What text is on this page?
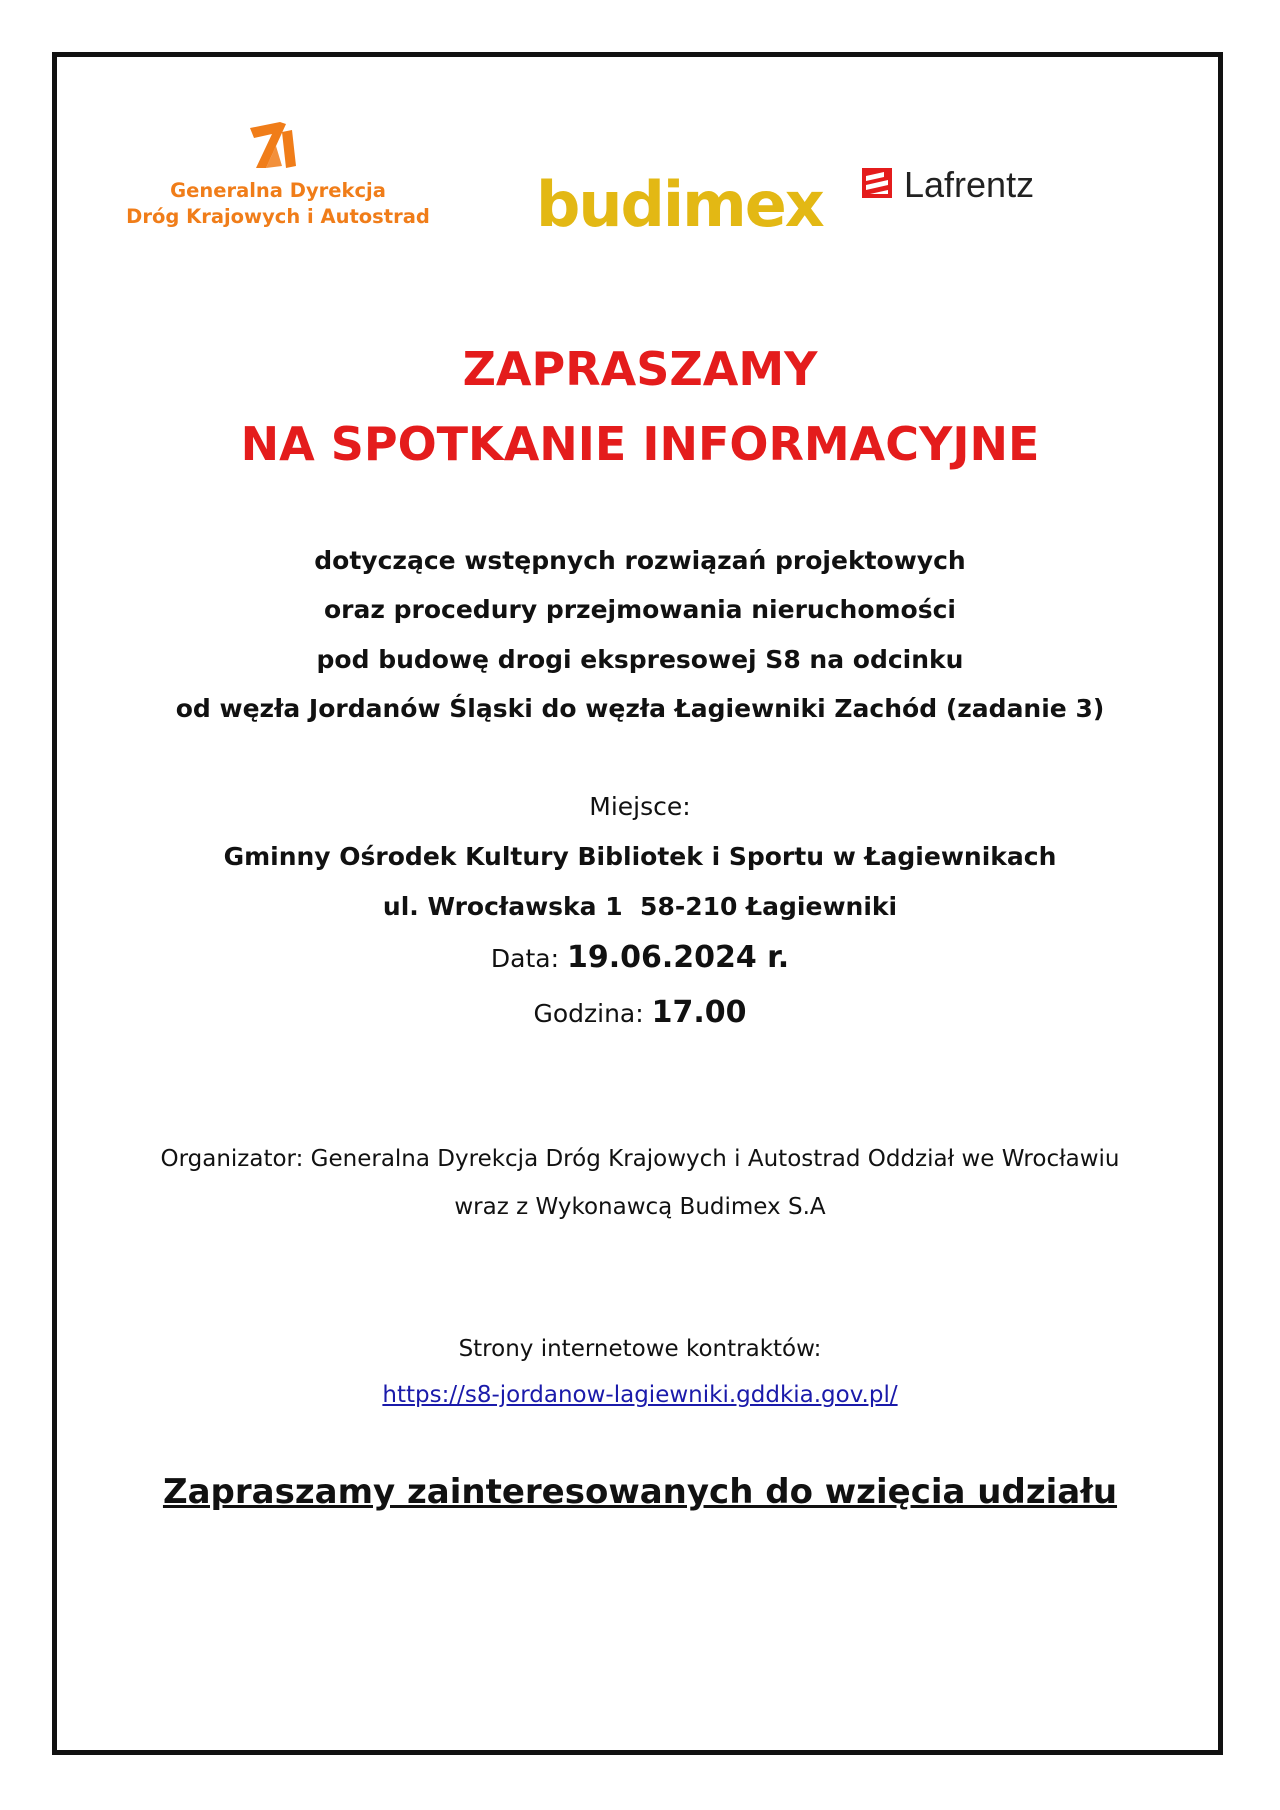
Generalna Dyrekcja
Dróg Krajowych i Autostrad budimex Lafrentz
ZAPRASZAMY
NA SPOTKANIE INFORMACYJNE
dotyczące wstępnych rozwiązań projektowych
oraz procedury przejmowania nieruchomości
pod budowę drogi ekspresowej S8 na odcinku
od węzła Jordanów Śląski do węzła Łagiewniki Zachód (zadanie 3)
Miejsce:
Gminny Ośrodek Kultury Bibliotek i Sportu w Łagiewnikach
ul. Wrocławska 1  58-210 Łagiewniki
Data: 19.06.2024 r.
Godzina: 17.00
Organizator: Generalna Dyrekcja Dróg Krajowych i Autostrad Oddział we Wrocławiu
wraz z Wykonawcą Budimex S.A
Strony internetowe kontraktów:
https://s8-jordanow-lagiewniki.gddkia.gov.pl/
Zapraszamy zainteresowanych do wzięcia udziału
